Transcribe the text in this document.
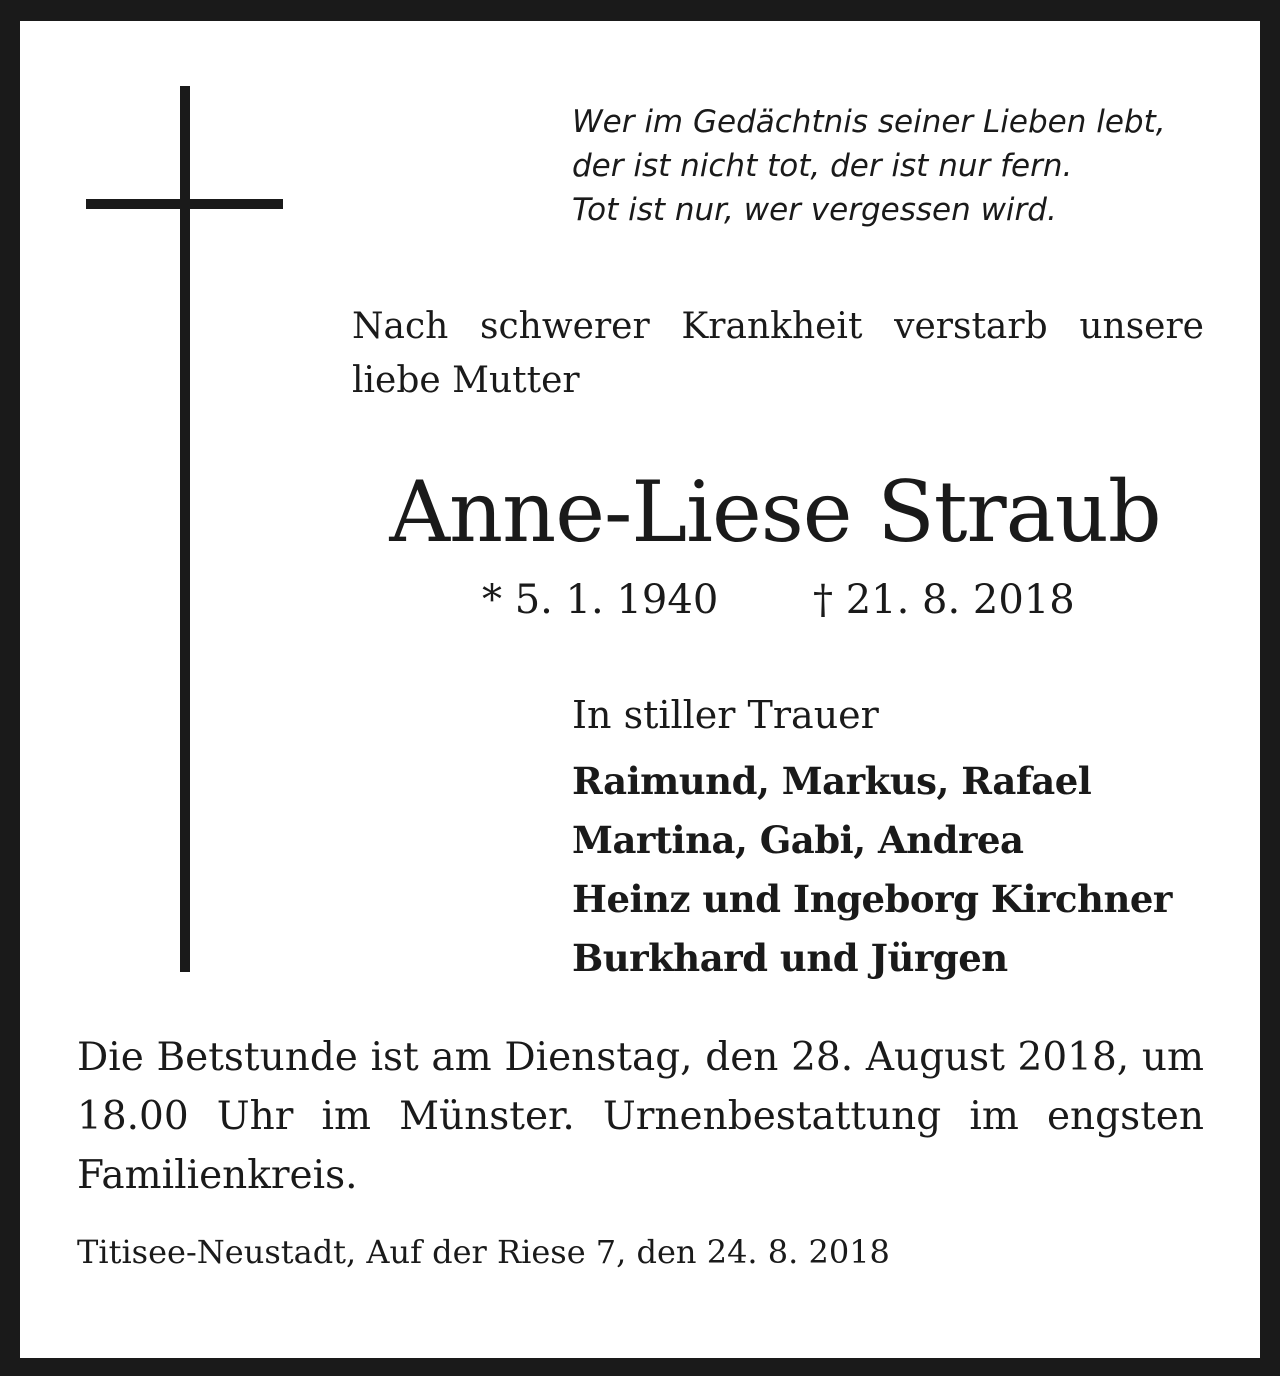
Wer im Gedächtnis seiner Lieben lebt,
der ist nicht tot, der ist nur fern.
Tot ist nur, wer vergessen wird.
Nach schwerer Krankheit verstarb unsere liebe Mutter
Anne-Liese Straub
* 5. 1. 1940 † 21. 8. 2018
In stiller Trauer
Raimund, Markus, Rafael
Martina, Gabi, Andrea
Heinz und Ingeborg Kirchner
Burkhard und Jürgen
Die Betstunde ist am Dienstag, den 28. August 2018, um 18.00 Uhr im Münster. Urnenbestattung im engsten Familienkreis.
Titisee-Neustadt, Auf der Riese 7, den 24. 8. 2018
